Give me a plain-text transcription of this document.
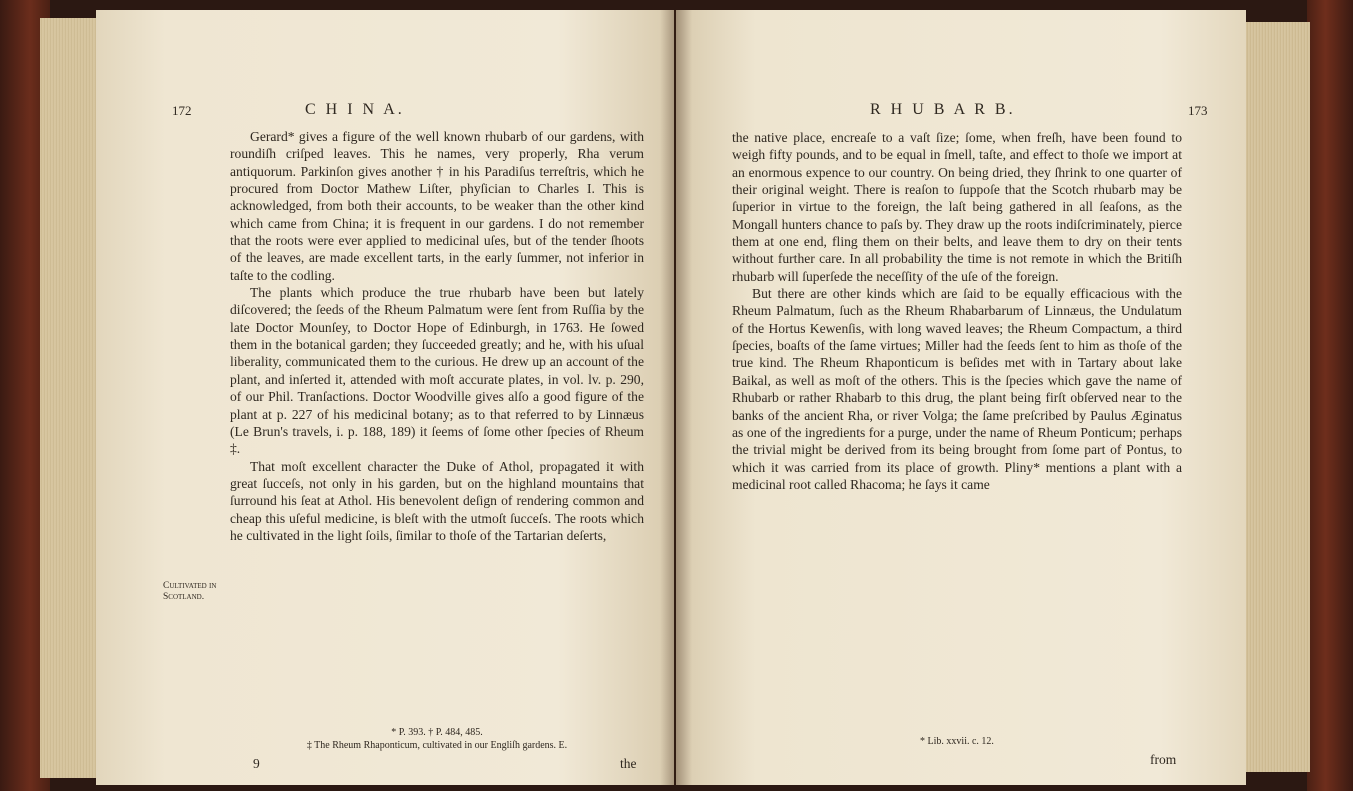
172	C H I N A.

Gerard* gives a figure of the well known rhubarb of our gardens, with roundiſh criſped leaves. This he names, very properly, Rha verum antiquorum. Parkinſon gives another † in his Paradiſus terreſtris, which he procured from Doctor Mathew Liſter, phyſician to Charles I. This is acknowledged, from both their accounts, to be weaker than the other kind which came from China; it is frequent in our gardens. I do not remember that the roots were ever applied to medicinal uſes, but of the tender ſhoots of the leaves, are made excellent tarts, in the early ſummer, not inferior in taſte to the codling.

The plants which produce the true rhubarb have been but lately diſcovered; the ſeeds of the Rheum Palmatum were ſent from Ruſſia by the late Doctor Mounſey, to Doctor Hope of Edinburgh, in 1763. He ſowed them in the botanical garden; they ſucceeded greatly; and he, with his uſual liberality, communicated them to the curious. He drew up an account of the plant, and inſerted it, attended with moſt accurate plates, in vol. lv. p. 290, of our Phil. Tranſactions. Doctor Woodville gives alſo a good figure of the plant at p. 227 of his medicinal botany; as to that referred to by Linnæus (Le Brun's travels, i. p. 188, 189) it ſeems of ſome other ſpecies of Rheum ‡.

That moſt excellent character the Duke of Athol, propagated it with great ſucceſs, not only in his garden, but on the highland mountains that ſurround his ſeat at Athol. His benevolent deſign of rendering common and cheap this uſeful medicine, is bleſt with the utmoſt ſucceſs. The roots which he cultivated in the light ſoils, ſimilar to thoſe of the Tartarian deſerts,

Cultivated in Scotland.
* P. 393. † P. 484, 485.
‡ The Rheum Rhaponticum, cultivated in our Engliſh gardens. E.
9	the
R H U B A R B.	173

the native place, encreaſe to a vaſt ſize; ſome, when freſh, have been found to weigh fifty pounds, and to be equal in ſmell, taſte, and effect to thoſe we import at an enormous expence to our country. On being dried, they ſhrink to one quarter of their original weight. There is reaſon to ſuppoſe that the Scotch rhubarb may be ſuperior in virtue to the foreign, the laſt being gathered in all ſeaſons, as the Mongall hunters chance to paſs by. They draw up the roots indiſcriminately, pierce them at one end, fling them on their belts, and leave them to dry on their tents without further care. In all probability the time is not remote in which the Britiſh rhubarb will ſuperſede the neceſſity of the uſe of the foreign.

But there are other kinds which are ſaid to be equally efficacious with the Rheum Palmatum, ſuch as the Rheum Rhabarbarum of Linnæus, the Undulatum of the Hortus Kewenſis, with long waved leaves; the Rheum Compactum, a third ſpecies, boaſts of the ſame virtues; Miller had the ſeeds ſent to him as thoſe of the true kind. The Rheum Rhaponticum is beſides met with in Tartary about lake Baikal, as well as moſt of the others. This is the ſpecies which gave the name of Rhubarb or rather Rhabarb to this drug, the plant being firſt obſerved near to the banks of the ancient Rha, or river Volga; the ſame preſcribed by Paulus Æginatus as one of the ingredients for a purge, under the name of Rheum Ponticum; perhaps the trivial might be derived from its being brought from ſome part of Pontus, to which it was carried from its place of growth. Pliny* mentions a plant with a medicinal root called Rhacoma; he ſays it came

* Lib. xxvii. c. 12.
from
